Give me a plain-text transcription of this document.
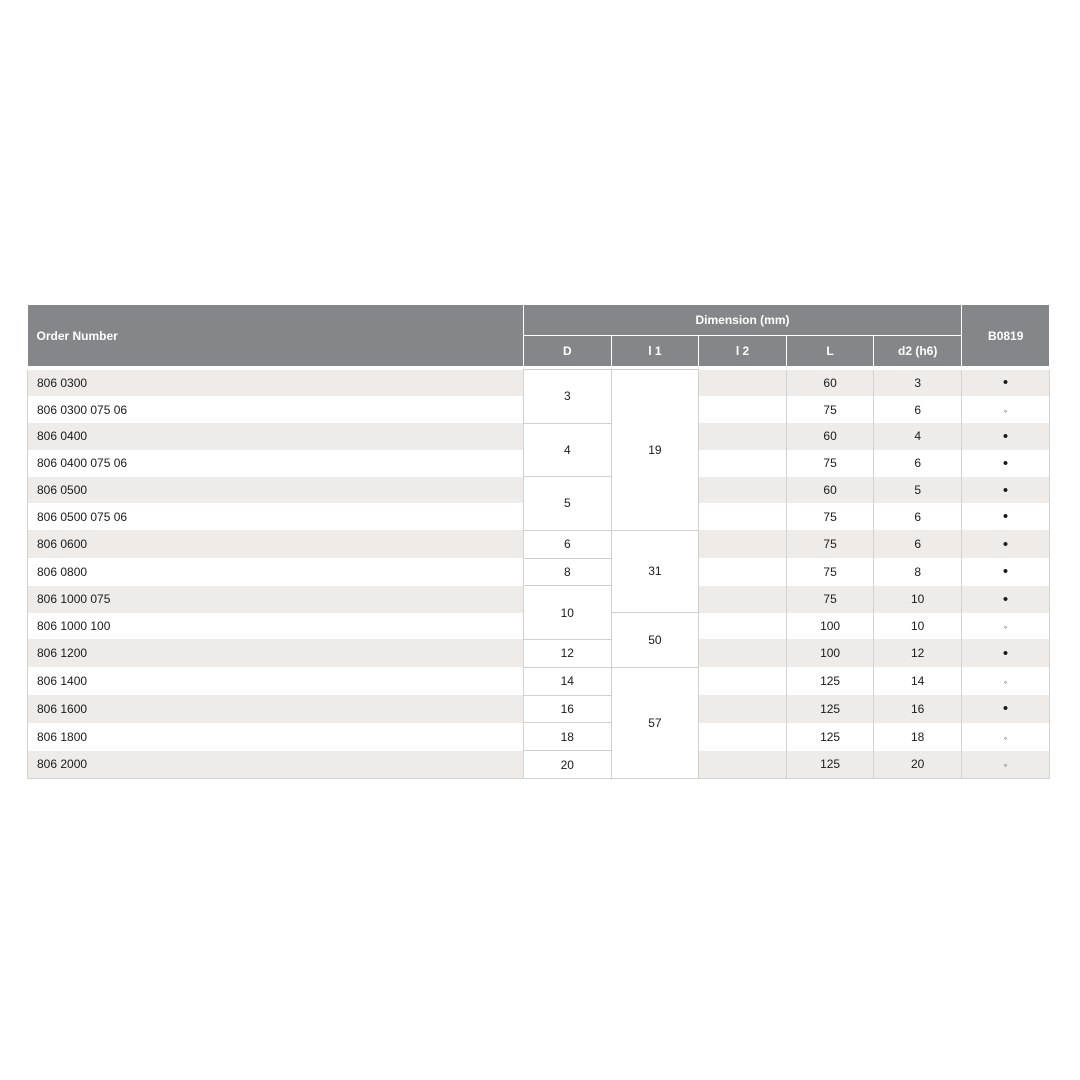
Order Number	Dimension (mm)					B0819
	D	l 1	l 2	L	d2 (h6)	

806 0300	3	19		60	3	•
806 0300 075 06				75	6	◦
806 0400	4			60	4	•
806 0400 075 06				75	6	•
806 0500	5			60	5	•
806 0500 075 06				75	6	•
806 0600	6	31		75	6	•
806 0800	8			75	8	•
806 1000 075	10			75	10	•
806 1000 100		50		100	10	◦
806 1200	12			100	12	•
806 1400	14	57		125	14	◦
806 1600	16			125	16	•
806 1800	18			125	18	◦
806 2000	20			125	20	◦
